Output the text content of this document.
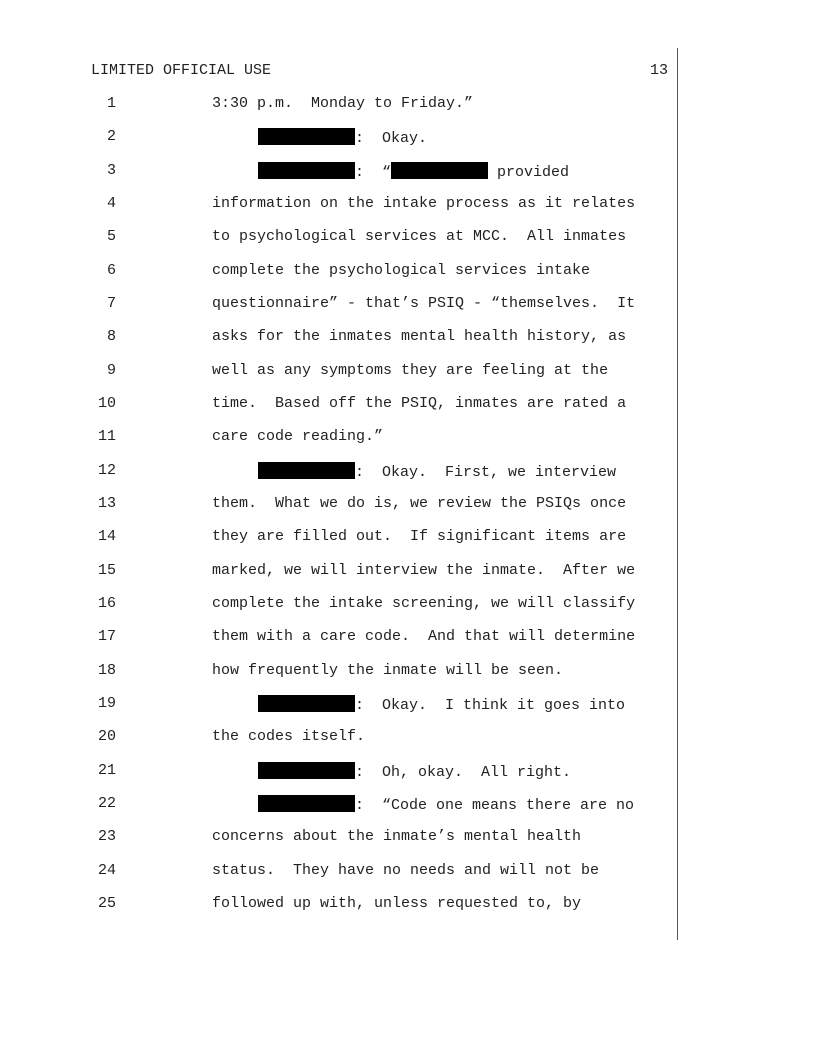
LIMITED OFFICIAL USE	13
1	3:30 p.m.  Monday to Friday.”
2	:  Okay.
3	:  “	provided
4	information on the intake process as it relates
5	to psychological services at MCC.  All inmates
6	complete the psychological services intake
7	questionnaire” - that’s PSIQ - “themselves.  It
8	asks for the inmates mental health history, as
9	well as any symptoms they are feeling at the
10	time.  Based off the PSIQ, inmates are rated a
11	care code reading.”
12	:  Okay.  First, we interview
13	them.  What we do is, we review the PSIQs once
14	they are filled out.  If significant items are
15	marked, we will interview the inmate.  After we
16	complete the intake screening, we will classify
17	them with a care code.  And that will determine
18	how frequently the inmate will be seen.
19	:  Okay.  I think it goes into
20	the codes itself.
21	:  Oh, okay.  All right.
22	:  “Code one means there are no
23	concerns about the inmate’s mental health
24	status.  They have no needs and will not be
25	followed up with, unless requested to, by
